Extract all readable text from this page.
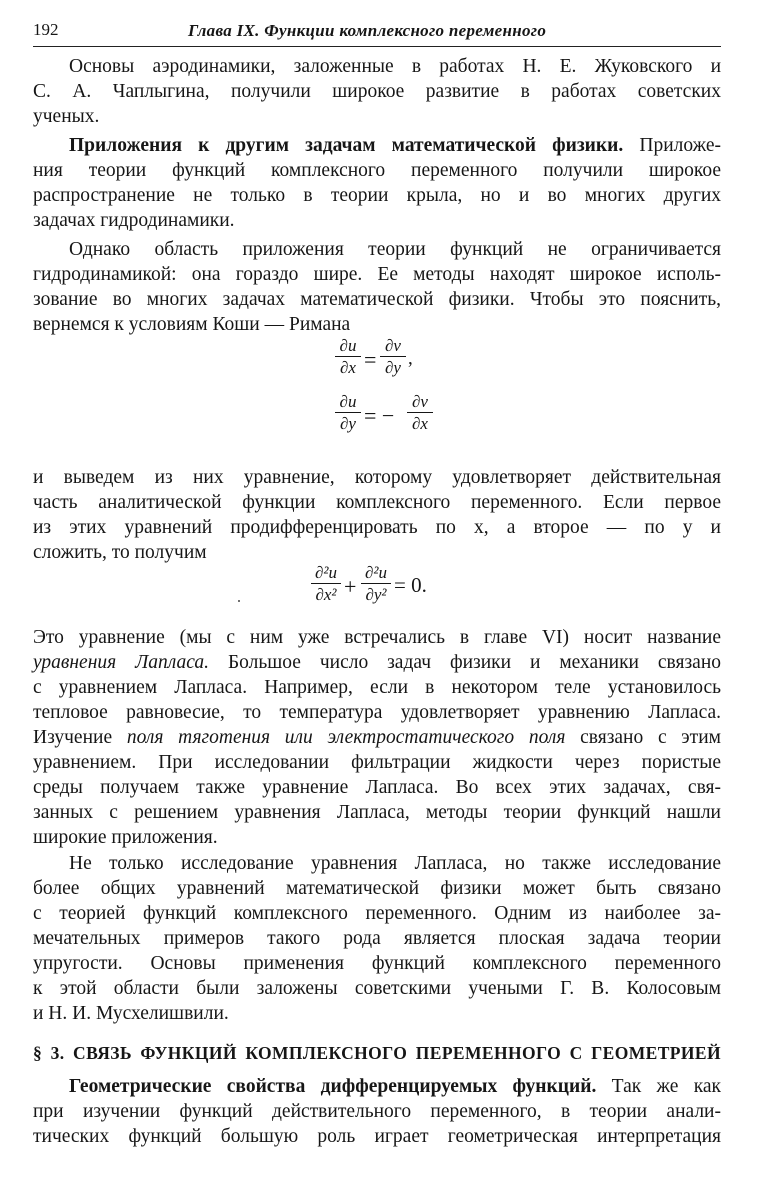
192	Глава IX. Функции комплексного переменного
Основы аэродинамики, заложенные в работах Н. Е. Жуковского и
С. А. Чаплыгина, получили широкое развитие в работах советских
ученых.
Приложения к другим задачам математической физики. Приложе-
ния теории функций комплексного переменного получили широкое
распространение не только в теории крыла, но и во многих других
задачах гидродинамики.
Однако область приложения теории функций не ограничивается
гидродинамикой: она гораздо шире. Ее методы находят широкое исполь-
зование во многих задачах математической физики. Чтобы это пояснить,
вернемся к условиям Коши — Римана
∂u
∂x =
∂v
∂y ,
∂u
∂y = −
∂v
∂x
и выведем из них уравнение, которому удовлетворяет действительная
часть аналитической функции комплексного переменного. Если первое
из этих уравнений продифференцировать по x, а второе — по y и
сложить, то получим
∂²u
∂x² +
∂²u
∂y² = 0.
Это уравнение (мы с ним уже встречались в главе VI) носит название
уравнения Лапласа. Большое число задач физики и механики связано
с уравнением Лапласа. Например, если в некотором теле установилось
тепловое равновесие, то температура удовлетворяет уравнению Лапласа.
Изучение поля тяготения или электростатического поля связано с этим
уравнением. При исследовании фильтрации жидкости через пористые
среды получаем также уравнение Лапласа. Во всех этих задачах, свя-
занных с решением уравнения Лапласа, методы теории функций нашли
широкие приложения.
Не только исследование уравнения Лапласа, но также исследование
более общих уравнений математической физики может быть связано
с теорией функций комплексного переменного. Одним из наиболее за-
мечательных примеров такого рода является плоская задача теории
упругости. Основы применения функций комплексного переменного
к этой области были заложены советскими учеными Г. В. Колосовым
и Н. И. Мусхелишвили.
§ 3. СВЯЗЬ ФУНКЦИЙ КОМПЛЕКСНОГО ПЕРЕМЕННОГО С ГЕОМЕТРИЕЙ
Геометрические свойства дифференцируемых функций. Так же как
при изучении функций действительного переменного, в теории анали-
тических функций большую роль играет геометрическая интерпретация
